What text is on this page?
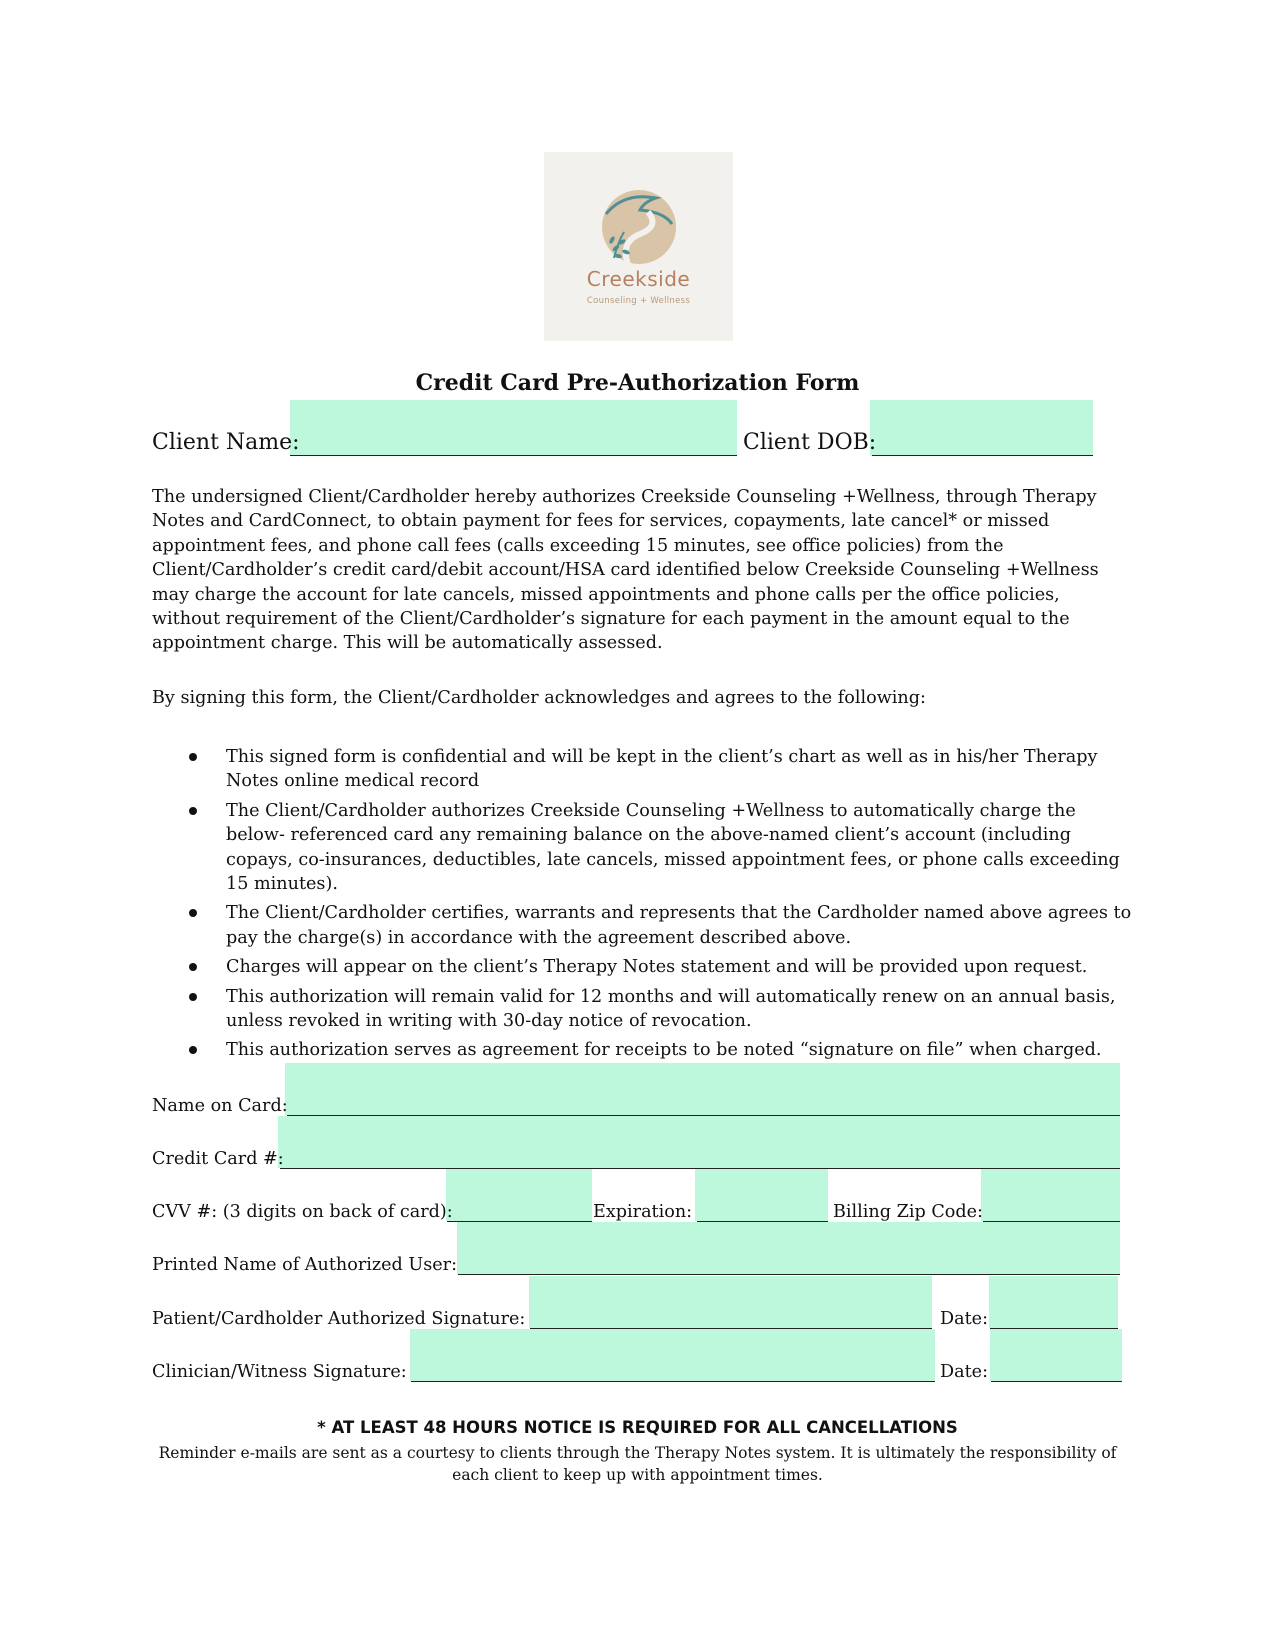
Creekside
Counseling + Wellness
Credit Card Pre-Authorization Form
Client Name:	Client DOB:
The undersigned Client/Cardholder hereby authorizes Creekside Counseling +Wellness, through Therapy Notes and CardConnect, to obtain payment for fees for services, copayments, late cancel* or missed appointment fees, and phone call fees (calls exceeding 15 minutes, see office policies) from the Client/Cardholder’s credit card/debit account/HSA card identified below Creekside Counseling +Wellness may charge the account for late cancels, missed appointments and phone calls per the office policies, without requirement of the Client/Cardholder’s signature for each payment in the amount equal to the appointment charge. This will be automatically assessed.
By signing this form, the Client/Cardholder acknowledges and agrees to the following:
This signed form is confidential and will be kept in the client’s chart as well as in his/her Therapy Notes online medical record
The Client/Cardholder authorizes Creekside Counseling +Wellness to automatically charge the below- referenced card any remaining balance on the above-named client’s account (including copays, co-insurances, deductibles, late cancels, missed appointment fees, or phone calls exceeding 15 minutes).
The Client/Cardholder certifies, warrants and represents that the Cardholder named above agrees to pay the charge(s) in accordance with the agreement described above.
Charges will appear on the client’s Therapy Notes statement and will be provided upon request.
This authorization will remain valid for 12 months and will automatically renew on an annual basis, unless revoked in writing with 30-day notice of revocation.
This authorization serves as agreement for receipts to be noted “signature on file” when charged.
Name on Card:
Credit Card #:
CVV #: (3 digits on back of card):	Expiration:	Billing Zip Code:
Printed Name of Authorized User:
Patient/Cardholder Authorized Signature:	Date:
Clinician/Witness Signature:	Date:
* AT LEAST 48 HOURS NOTICE IS REQUIRED FOR ALL CANCELLATIONS
Reminder e-mails are sent as a courtesy to clients through the Therapy Notes system. It is ultimately the responsibility of each client to keep up with appointment times.
